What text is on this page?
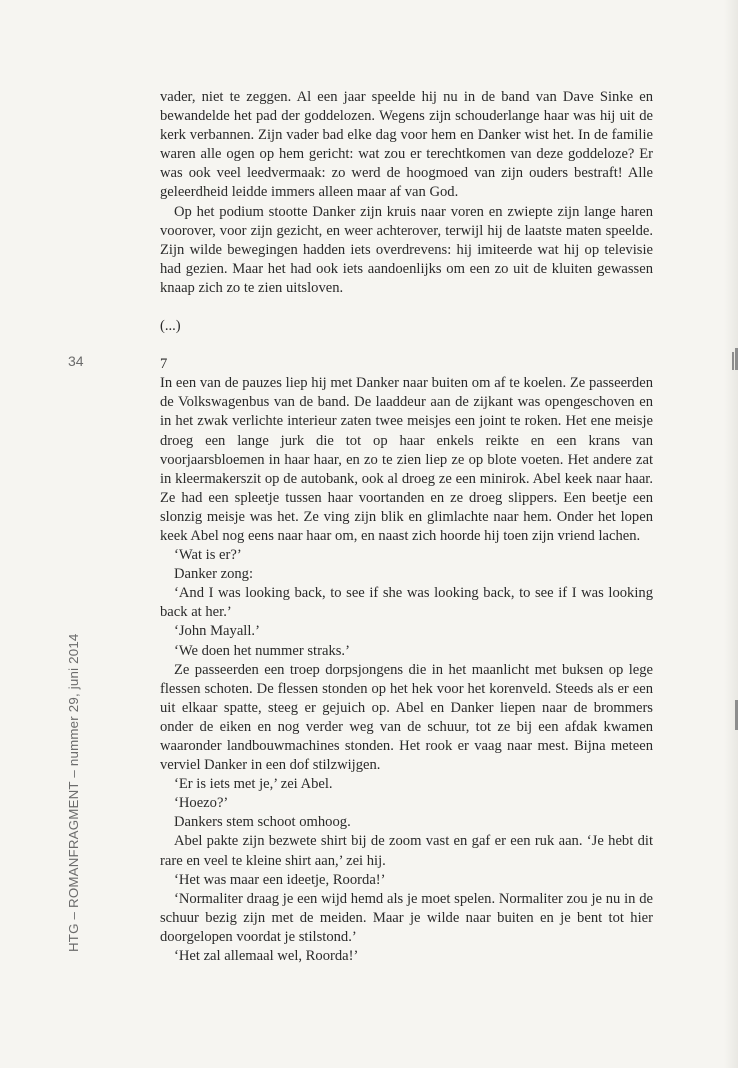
34
HTG – ROMANFRAGMENT – nummer 29, juni 2014

vader, niet te zeggen. Al een jaar speelde hij nu in de band van Dave Sinke en bewandelde het pad der goddelozen. Wegens zijn schouderlange haar was hij uit de kerk verbannen. Zijn vader bad elke dag voor hem en Danker wist het. In de familie waren alle ogen op hem gericht: wat zou er terechtkomen van deze goddeloze? Er was ook veel leedvermaak: zo werd de hoogmoed van zijn ouders bestraft! Alle geleerdheid leidde immers alleen maar af van God.

Op het podium stootte Danker zijn kruis naar voren en zwiepte zijn lange haren voorover, voor zijn gezicht, en weer achterover, terwijl hij de laatste maten speelde. Zijn wilde bewegingen hadden iets overdrevens: hij imiteerde wat hij op televisie had gezien. Maar het had ook iets aandoenlijks om een zo uit de kluiten gewassen knaap zich zo te zien uitsloven.

(...)

7

In een van de pauzes liep hij met Danker naar buiten om af te koelen. Ze passeerden de Volkswagenbus van de band. De laaddeur aan de zijkant was opengeschoven en in het zwak verlichte interieur zaten twee meisjes een joint te roken. Het ene meisje droeg een lange jurk die tot op haar enkels reikte en een krans van voorjaarsbloemen in haar haar, en zo te zien liep ze op blote voeten. Het andere zat in kleermakerszit op de autobank, ook al droeg ze een minirok. Abel keek naar haar. Ze had een spleetje tussen haar voortanden en ze droeg slippers. Een beetje een slonzig meisje was het. Ze ving zijn blik en glimlachte naar hem. Onder het lopen keek Abel nog eens naar haar om, en naast zich hoorde hij toen zijn vriend lachen.

‘Wat is er?’

Danker zong:

‘And I was looking back, to see if she was looking back, to see if I was looking back at her.’

‘John Mayall.’

‘We doen het nummer straks.’

Ze passeerden een troep dorpsjongens die in het maanlicht met buksen op lege flessen schoten. De flessen stonden op het hek voor het korenveld. Steeds als er een uit elkaar spatte, steeg er gejuich op. Abel en Danker liepen naar de brommers onder de eiken en nog verder weg van de schuur, tot ze bij een afdak kwamen waaronder landbouwmachines stonden. Het rook er vaag naar mest. Bijna meteen verviel Danker in een dof stilzwijgen.

‘Er is iets met je,’ zei Abel.

‘Hoezo?’

Dankers stem schoot omhoog.

Abel pakte zijn bezwete shirt bij de zoom vast en gaf er een ruk aan. ‘Je hebt dit rare en veel te kleine shirt aan,’ zei hij.

‘Het was maar een ideetje, Roorda!’

‘Normaliter draag je een wijd hemd als je moet spelen. Normaliter zou je nu in de schuur bezig zijn met de meiden. Maar je wilde naar buiten en je bent tot hier doorgelopen voordat je stilstond.’

‘Het zal allemaal wel, Roorda!’
